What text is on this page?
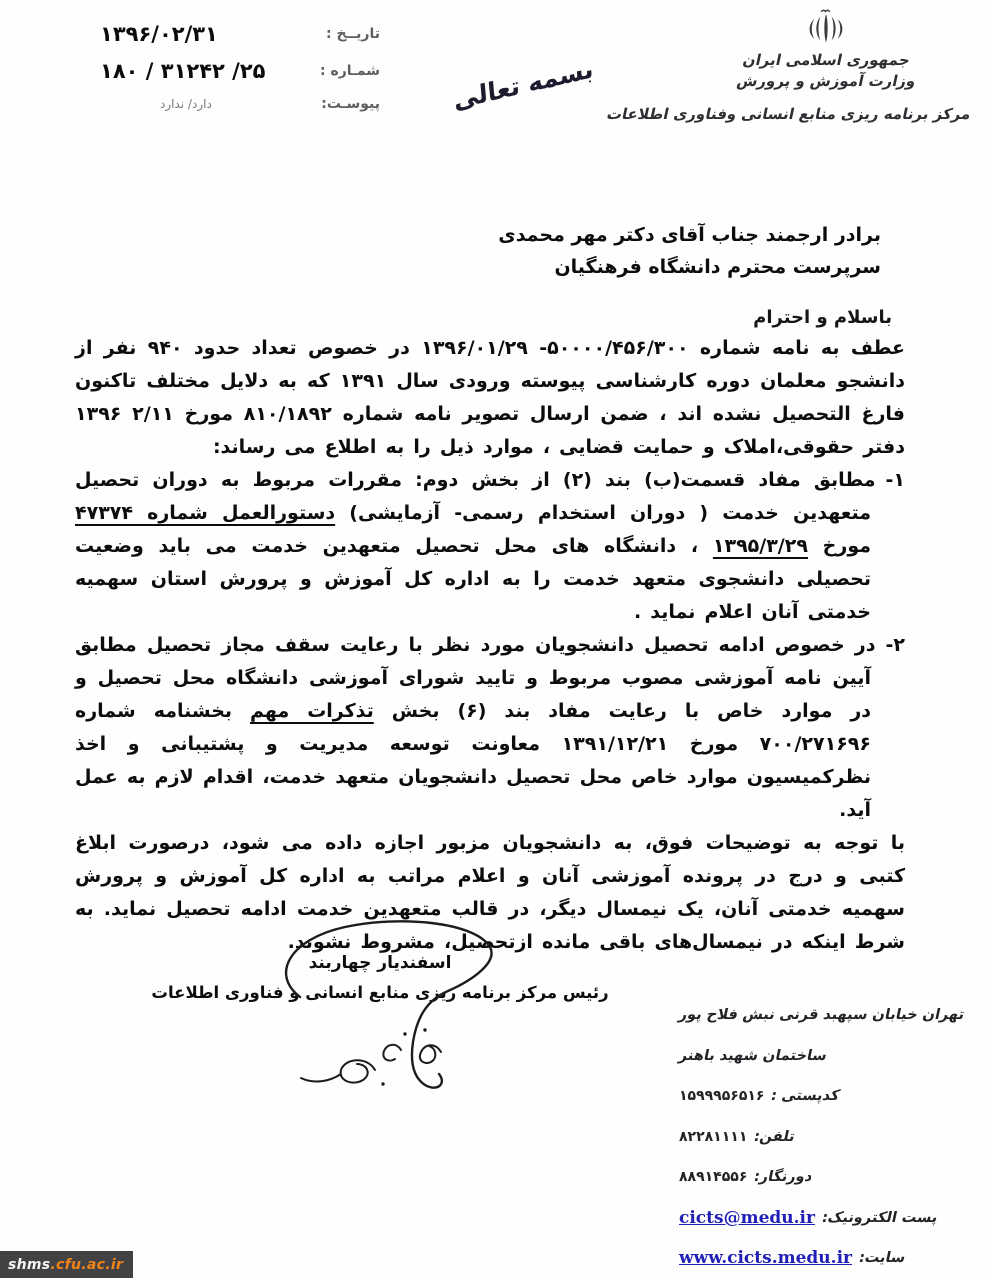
تاریــخ :
۱۳۹۶/۰۲/۳۱
شمـاره :
۲۵/ ۳۱۲۴۲ / ۱۸۰
پیوسـت:
دارد/ ندارد	بسمه تعالی	جمهوری اسلامی ایران
وزارت آموزش و پرورش
مرکز برنامه ریزی منابع انسانی وفناوری اطلاعات
برادر ارجمند جناب آقای دکتر مهر محمدی
سرپرست محترم دانشگاه فرهنگیان
باسلام و احترام

عطف به نامه شماره ۵۰۰۰۰/۴۵۶/۳۰۰- ۱۳۹۶/۰۱/۲۹ در خصوص تعداد حدود ۹۴۰ نفر از دانشجو معلمان دوره کارشناسی پیوسته ورودی سال ۱۳۹۱ که به دلایل مختلف تاکنون فارغ التحصیل نشده اند ، ضمن ارسال تصویر نامه شماره ۸۱۰/۱۸۹۲ مورخ ۲/۱۱ ۱۳۹۶ دفتر حقوقی،املاک و حمایت قضایی ، موارد ذیل را به اطلاع می رساند:

۱-مطابق مفاد قسمت(ب) بند (۲) از بخش دوم: مقررات مربوط به دوران تحصیل متعهدین خدمت ( دوران استخدام رسمی- آزمایشی) دستورالعمل شماره ۴۷۳۷۴ مورخ ۱۳۹۵/۳/۲۹ ، دانشگاه های محل تحصیل متعهدین خدمت می باید وضعیت تحصیلی دانشجوی متعهد خدمت را به اداره کل آموزش و پرورش استان سهمیه خدمتی آنان اعلام نماید .
۲-در خصوص ادامه تحصیل دانشجویان مورد نظر با رعایت سقف مجاز تحصیل مطابق آیین نامه آموزشی مصوب مربوط و تایید شورای آموزشی دانشگاه محل تحصیل و در موارد خاص با رعایت مفاد بند (۶) بخش تذکرات مهم بخشنامه شماره ۷۰۰/۲۷۱۶۹۶ مورخ ۱۳۹۱/۱۲/۲۱ معاونت توسعه مدیریت و پشتیبانی و اخذ نظرکمیسیون موارد خاص محل تحصیل دانشجویان متعهد خدمت، اقدام لازم به عمل آید.

با توجه به توضیحات فوق، به دانشجویان مزبور اجازه داده می شود، درصورت ابلاغ کتبی و درج در پرونده آموزشی آنان و اعلام مراتب به اداره کل آموزش و پرورش سهمیه خدمتی آنان، یک نیمسال دیگر، در قالب متعهدین خدمت ادامه تحصیل نماید. به شرط اینکه در نیمسال‌های باقی مانده ازتحصیل، مشروط نشوند.

اسفندیار چهاربند
رئیس مرکز برنامه ریزی منابع انسانی و فناوری اطلاعات
تهران خیابان سپهبد قرنی نبش فلاح پور
ساختمان شهید باهنر
کدپستی :
۱۵۹۹۹۵۶۵۱۶
تلفن:
۸۲۲۸۱۱۱۱
دورنگار:
۸۸۹۱۴۵۵۶
پست الکترونیک:
cicts@medu.ir
سایت:
www.cicts.medu.ir
shms .cfu.ac.ir
